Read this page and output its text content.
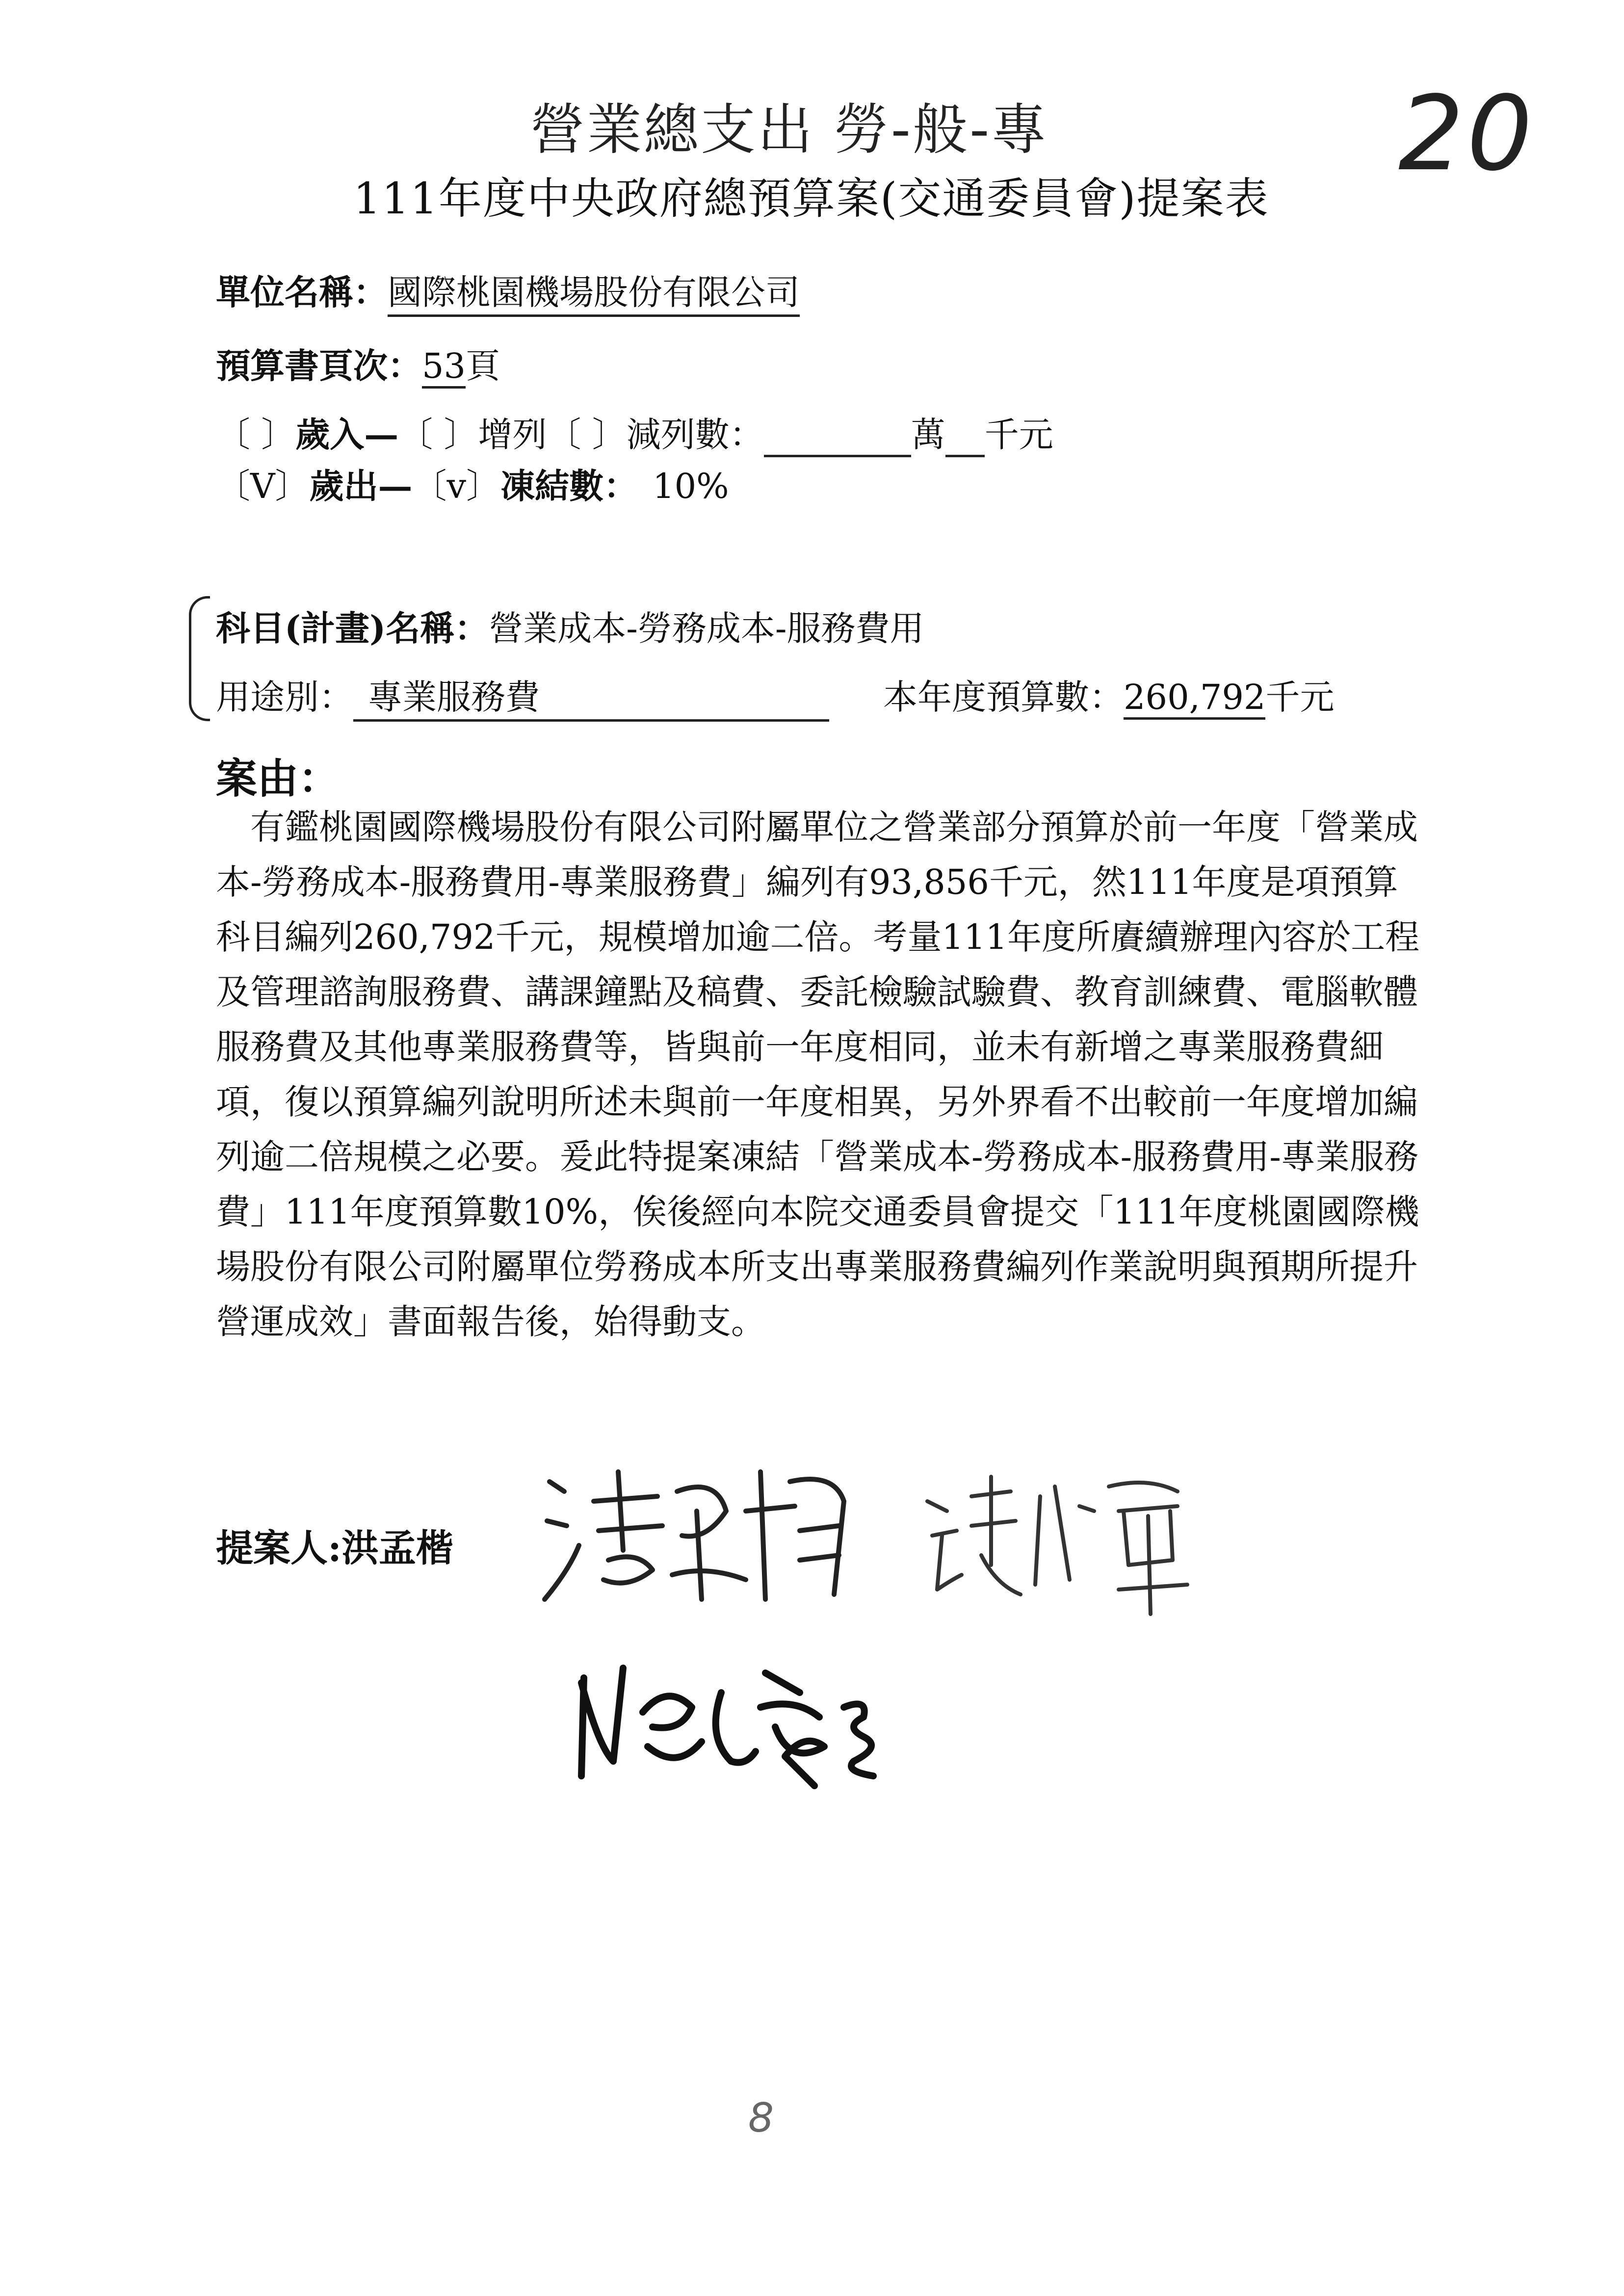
營業總支出 勞-般-專	20
111年度中央政府總預算案(交通委員會)提案表
單位名稱：國際桃園機場股份有限公司
預算書頁次：53頁
〔 〕歲入—〔 〕增列〔 〕減列數：	萬 千元
〔V〕歲出—〔v〕凍結數： 10%
科目(計畫)名稱：營業成本-勞務成本-服務費用
用途別： 專業服務費	本年度預算數：260,792千元
案由：
有鑑桃園國際機場股份有限公司附屬單位之營業部分預算於前一年度「營業成本-勞務成本-服務費用-專業服務費」編列有93,856千元，然111年度是項預算科目編列260,792千元，規模增加逾二倍。考量111年度所賡續辦理內容於工程及管理諮詢服務費、講課鐘點及稿費、委託檢驗試驗費、教育訓練費、電腦軟體服務費及其他專業服務費等，皆與前一年度相同，並未有新增之專業服務費細項，復以預算編列說明所述未與前一年度相異，另外界看不出較前一年度增加編列逾二倍規模之必要。爰此特提案凍結「營業成本-勞務成本-服務費用-專業服務費」111年度預算數10%，俟後經向本院交通委員會提交「111年度桃園國際機場股份有限公司附屬單位勞務成本所支出專業服務費編列作業說明與預期所提升營運成效」書面報告後，始得動支。
提案人:洪孟楷
8
